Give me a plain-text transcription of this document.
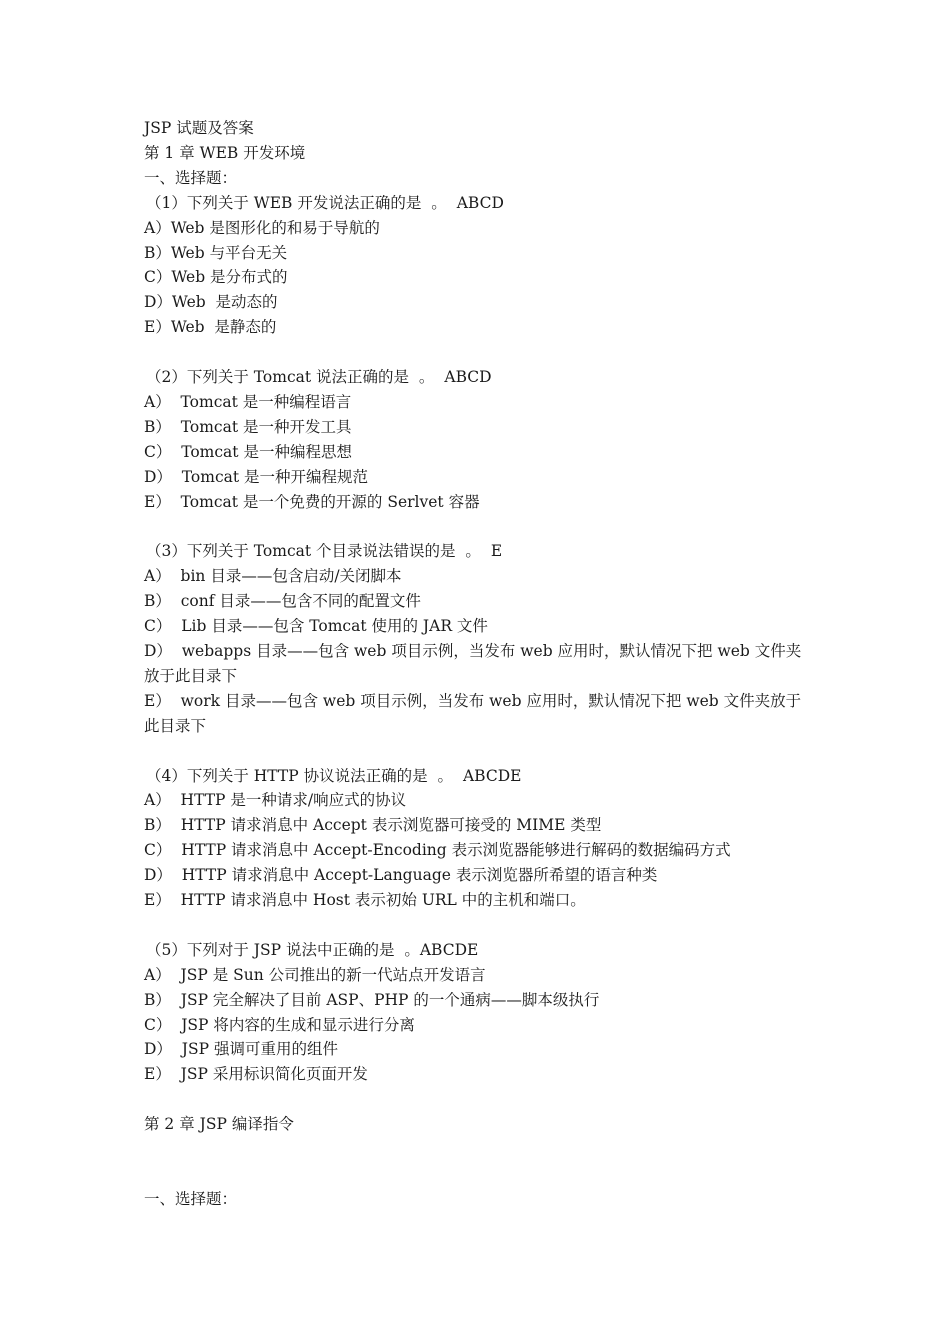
JSP 试题及答案
第 1 章 WEB 开发环境
一、选择题：
（1）下列关于 WEB 开发说法正确的是  。 ABCD
A）Web 是图形化的和易于导航的
B）Web 与平台无关
C）Web 是分布式的
D）Web  是动态的
E）Web  是静态的
（2）下列关于 Tomcat 说法正确的是  。 ABCD
A）  Tomcat 是一种编程语言
B）  Tomcat 是一种开发工具
C）  Tomcat 是一种编程思想
D）  Tomcat 是一种开编程规范
E）  Tomcat 是一个免费的开源的 Serlvet 容器
（3）下列关于 Tomcat 个目录说法错误的是  。 E
A）  bin 目录——包含启动/关闭脚本
B）  conf 目录——包含不同的配置文件
C）  Lib 目录——包含 Tomcat 使用的 JAR 文件
D）  webapps 目录——包含 web 项目示例，当发布 web 应用时，默认情况下把 web 文件夹放于此目录下
E）  work 目录——包含 web 项目示例，当发布 web 应用时，默认情况下把 web 文件夹放于此目录下
（4）下列关于 HTTP 协议说法正确的是  。 ABCDE
A）  HTTP 是一种请求/响应式的协议
B）  HTTP 请求消息中 Accept 表示浏览器可接受的 MIME 类型
C）  HTTP 请求消息中 Accept-Encoding 表示浏览器能够进行解码的数据编码方式
D）  HTTP 请求消息中 Accept-Language 表示浏览器所希望的语言种类
E）  HTTP 请求消息中 Host 表示初始 URL 中的主机和端口。
（5）下列对于 JSP 说法中正确的是  。ABCDE
A）  JSP 是 Sun 公司推出的新一代站点开发语言
B）  JSP 完全解决了目前 ASP、PHP 的一个通病——脚本级执行
C）  JSP 将内容的生成和显示进行分离
D）  JSP 强调可重用的组件
E）  JSP 采用标识简化页面开发
第 2 章 JSP 编译指令
一、选择题：
